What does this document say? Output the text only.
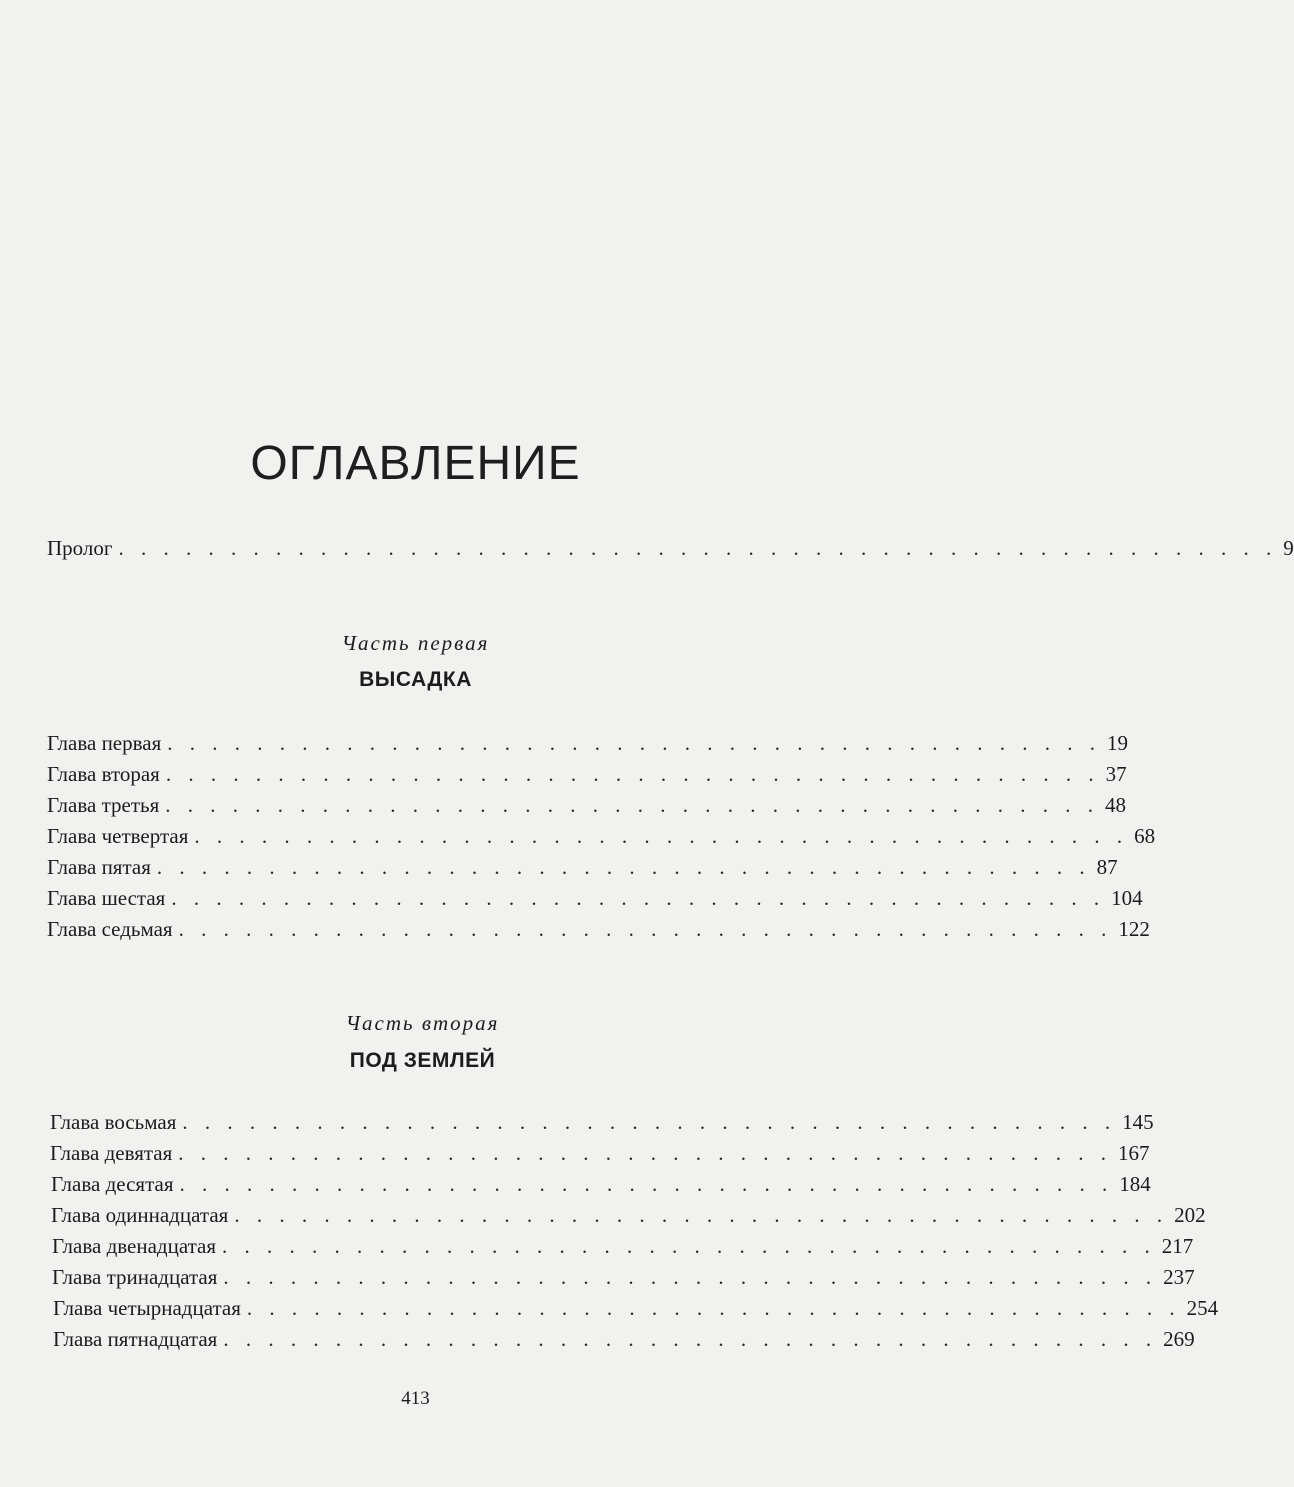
ОГЛАВЛЕНИЕ
Пролог . . . . . . . . . . . . . . . . . . . . . . . . . . . . . . . . . . . . . . . . . . . . . . . . . . . . 9
Часть первая
ВЫСАДКА
Глава первая . . . . . . . . . . . . . . . . . . . . . . . . . . . . . . . . . . . . . . . . . . 19
Глава вторая . . . . . . . . . . . . . . . . . . . . . . . . . . . . . . . . . . . . . . . . . . 37
Глава третья . . . . . . . . . . . . . . . . . . . . . . . . . . . . . . . . . . . . . . . . . . 48
Глава четвертая . . . . . . . . . . . . . . . . . . . . . . . . . . . . . . . . . . . . . . . . . . 68
Глава пятая . . . . . . . . . . . . . . . . . . . . . . . . . . . . . . . . . . . . . . . . . . 87
Глава шестая . . . . . . . . . . . . . . . . . . . . . . . . . . . . . . . . . . . . . . . . . . 104
Глава седьмая . . . . . . . . . . . . . . . . . . . . . . . . . . . . . . . . . . . . . . . . . . 122
Часть вторая
ПОД ЗЕМЛЕЙ
Глава восьмая . . . . . . . . . . . . . . . . . . . . . . . . . . . . . . . . . . . . . . . . . . 145
Глава девятая . . . . . . . . . . . . . . . . . . . . . . . . . . . . . . . . . . . . . . . . . . 167
Глава десятая . . . . . . . . . . . . . . . . . . . . . . . . . . . . . . . . . . . . . . . . . . 184
Глава одиннадцатая . . . . . . . . . . . . . . . . . . . . . . . . . . . . . . . . . . . . . . . . . . 202
Глава двенадцатая . . . . . . . . . . . . . . . . . . . . . . . . . . . . . . . . . . . . . . . . . . 217
Глава тринадцатая . . . . . . . . . . . . . . . . . . . . . . . . . . . . . . . . . . . . . . . . . . 237
Глава четырнадцатая . . . . . . . . . . . . . . . . . . . . . . . . . . . . . . . . . . . . . . . . . . 254
Глава пятнадцатая . . . . . . . . . . . . . . . . . . . . . . . . . . . . . . . . . . . . . . . . . . 269
413
